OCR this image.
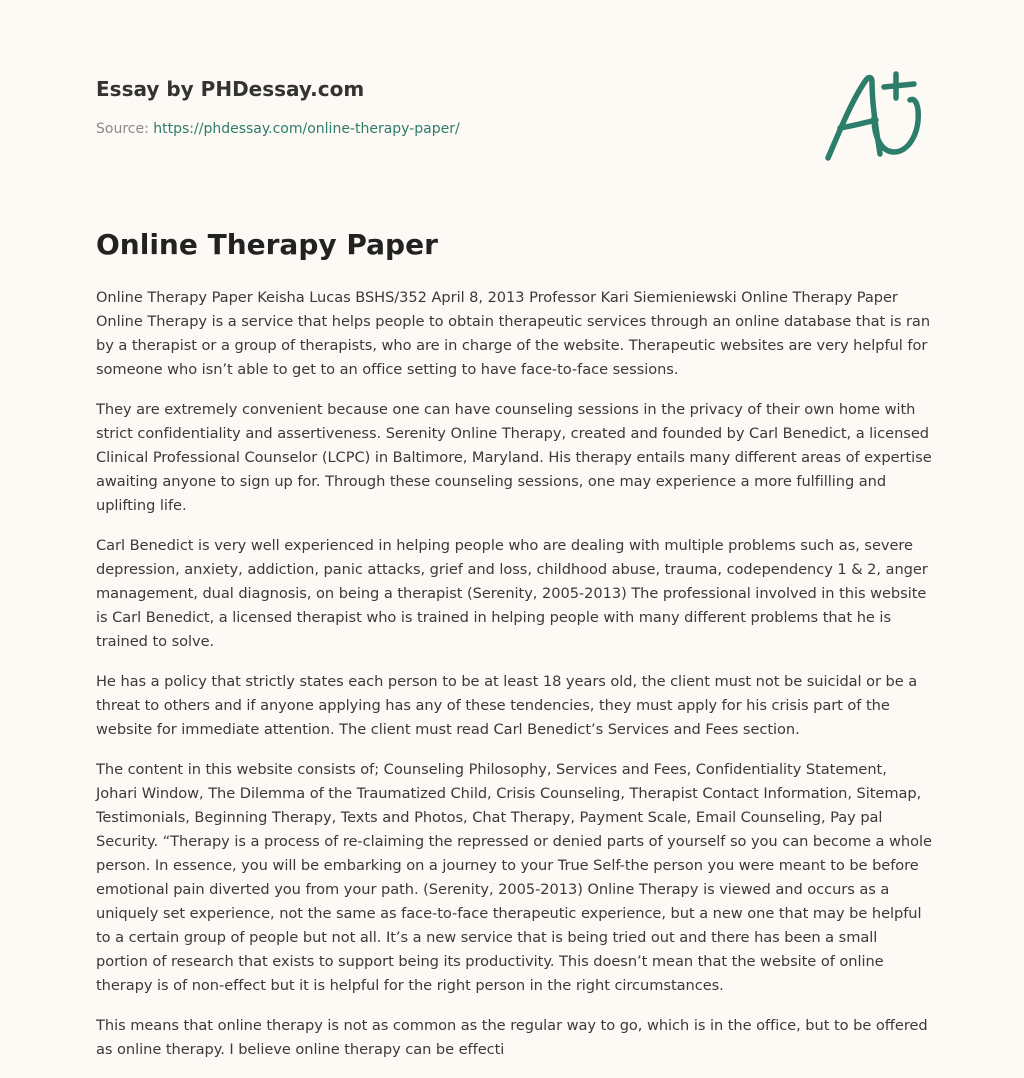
Essay by PHDessay.com
Source: https://phdessay.com/online-therapy-paper/
Online Therapy Paper

Online Therapy Paper Keisha Lucas BSHS/352 April 8, 2013 Professor Kari Siemieniewski Online Therapy Paper Online Therapy is a service that helps people to obtain therapeutic services through an online database that is ran by a therapist or a group of therapists, who are in charge of the website. Therapeutic websites are very helpful for someone who isn’t able to get to an office setting to have face-to-face sessions.

They are extremely convenient because one can have counseling sessions in the privacy of their own home with strict confidentiality and assertiveness. Serenity Online Therapy, created and founded by Carl Benedict, a licensed Clinical Professional Counselor (LCPC) in Baltimore, Maryland. His therapy entails many different areas of expertise awaiting anyone to sign up for. Through these counseling sessions, one may experience a more fulfilling and uplifting life.

Carl Benedict is very well experienced in helping people who are dealing with multiple problems such as, severe depression, anxiety, addiction, panic attacks, grief and loss, childhood abuse, trauma, codependency 1 & 2, anger management, dual diagnosis, on being a therapist (Serenity, 2005-2013) The professional involved in this website is Carl Benedict, a licensed therapist who is trained in helping people with many different problems that he is trained to solve.

He has a policy that strictly states each person to be at least 18 years old, the client must not be suicidal or be a threat to others and if anyone applying has any of these tendencies, they must apply for his crisis part of the website for immediate attention. The client must read Carl Benedict’s Services and Fees section.

The content in this website consists of; Counseling Philosophy, Services and Fees, Confidentiality Statement, Johari Window, The Dilemma of the Traumatized Child, Crisis Counseling, Therapist Contact Information, Sitemap, Testimonials, Beginning Therapy, Texts and Photos, Chat Therapy, Payment Scale, Email Counseling, Pay pal Security. “Therapy is a process of re-claiming the repressed or denied parts of yourself so you can become a whole person. In essence, you will be embarking on a journey to your True Self-the person you were meant to be before emotional pain diverted you from your path. (Serenity, 2005-2013) Online Therapy is viewed and occurs as a uniquely set experience, not the same as face-to-face therapeutic experience, but a new one that may be helpful to a certain group of people but not all. It’s a new service that is being tried out and there has been a small portion of research that exists to support being its productivity. This doesn’t mean that the website of online therapy is of non-effect but it is helpful for the right person in the right circumstances.

This means that online therapy is not as common as the regular way to go, which is in the office, but to be offered as online therapy. I believe online therapy can be effecti
